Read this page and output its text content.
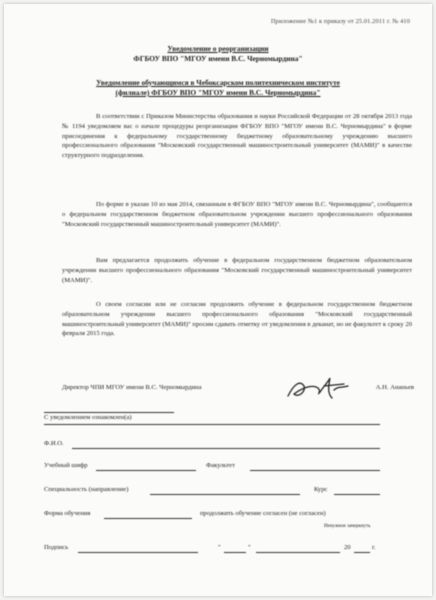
Приложение №1 к приказу от 25.01.2011 г. № 410
Уведомление о реорганизации
ФГБОУ ВПО "МГОУ имени В.С. Черномырдина"
Уведомление обучающимся в Чебоксарском политехническом институте
(филиале) ФГБОУ ВПО "МГОУ имени В.С. Черномырдина"
В соответствии с Приказом Министерства образования и науки Российской Федерации от 28 октября 2013 года № 1194 уведомляем вас о начале процедуры реорганизации ФГБОУ ВПО "МГОУ имени В.С. Черномырдина" в форме присоединения к федеральному государственному бюджетному образовательному учреждению высшего профессионального образования "Московский государственный машиностроительный университет (МАМИ)" в качестве структурного подразделения.
По форме в указан 10 из мая 2014, связанным в ФГБОУ ВПО "МГОУ имени В.С. Черномырдина", сообщаются о федеральном государственном бюджетном образовательном учреждении высшего профессионального образования "Московский государственный машиностроительный университет (МАМИ)".
Вам предлагается продолжить обучение в федеральном государственном бюджетном образовательном учреждении высшего профессионального образования "Московский государственный машиностроительный университет (МАМИ)".
О своем согласии или не согласии продолжить обучение в федеральном государственном бюджетном образовательном учреждении высшего профессионального образования "Московский государственный машиностроительный университет (МАМИ)" просим сдавать отметку от уведомления в деканат, но не факультет к сроку 20 февраля 2015 года.
Директор ЧПИ МГОУ имени В.С. Черномырдина	А.Н. Ананьев
С уведомлением ознакомлен(а)
Ф.И.О.
Учебный шифр	Факультет
Специальность (направление)	Курс
Форма обучения	продолжить обучение согласен (не согласен)
Ненужное зачеркнуть
Подпись	"	"	20	г.
